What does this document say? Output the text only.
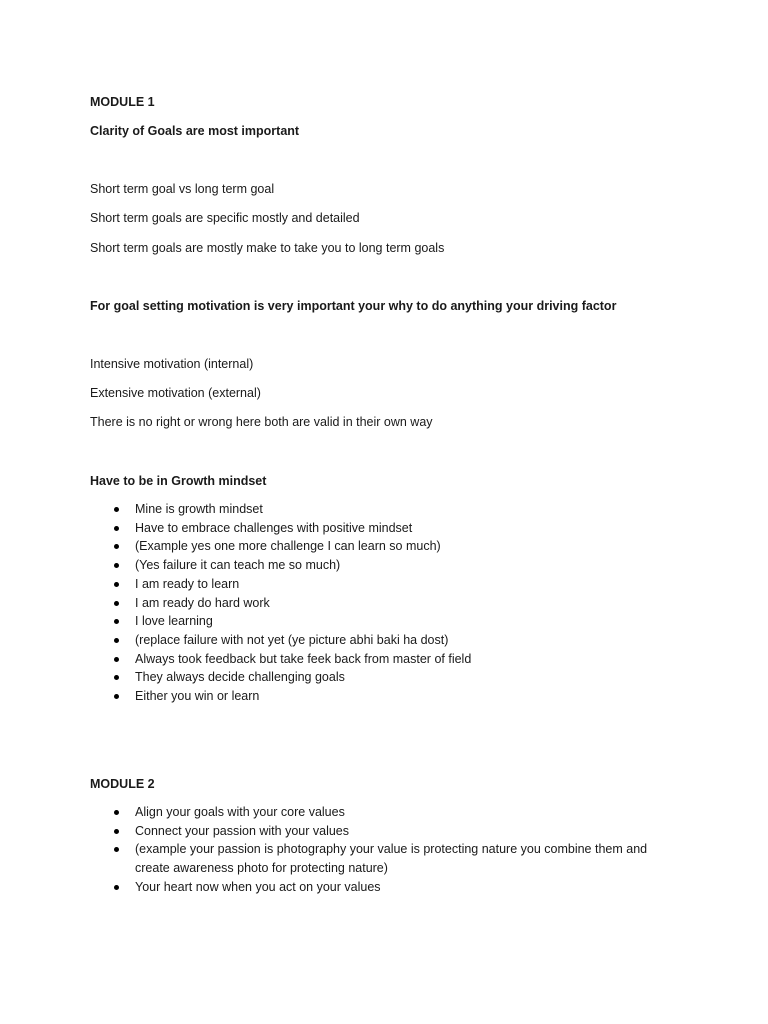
MODULE 1
Clarity of Goals are most important
Short term goal vs long term goal
Short term goals are specific mostly and detailed
Short term goals are mostly make to take you to long term goals
For goal setting motivation is very important your why to do anything your driving factor
Intensive motivation (internal)
Extensive motivation (external)
There is no right or wrong here both are valid in their own way
Have to be in Growth mindset
Mine is growth mindset
Have to embrace challenges with positive mindset
(Example yes one more challenge I can learn so much)
(Yes failure it can teach me so much)
I am ready to learn
I am ready do hard work
I love learning
(replace failure with not yet (ye picture abhi baki ha dost)
Always took feedback but take feek back from master of field
They always decide challenging goals
Either you win or learn
MODULE 2
Align your goals with your core values
Connect your passion with your values
(example your passion is photography your value is protecting nature you combine them and create awareness photo for protecting nature)
Your heart now when you act on your values
